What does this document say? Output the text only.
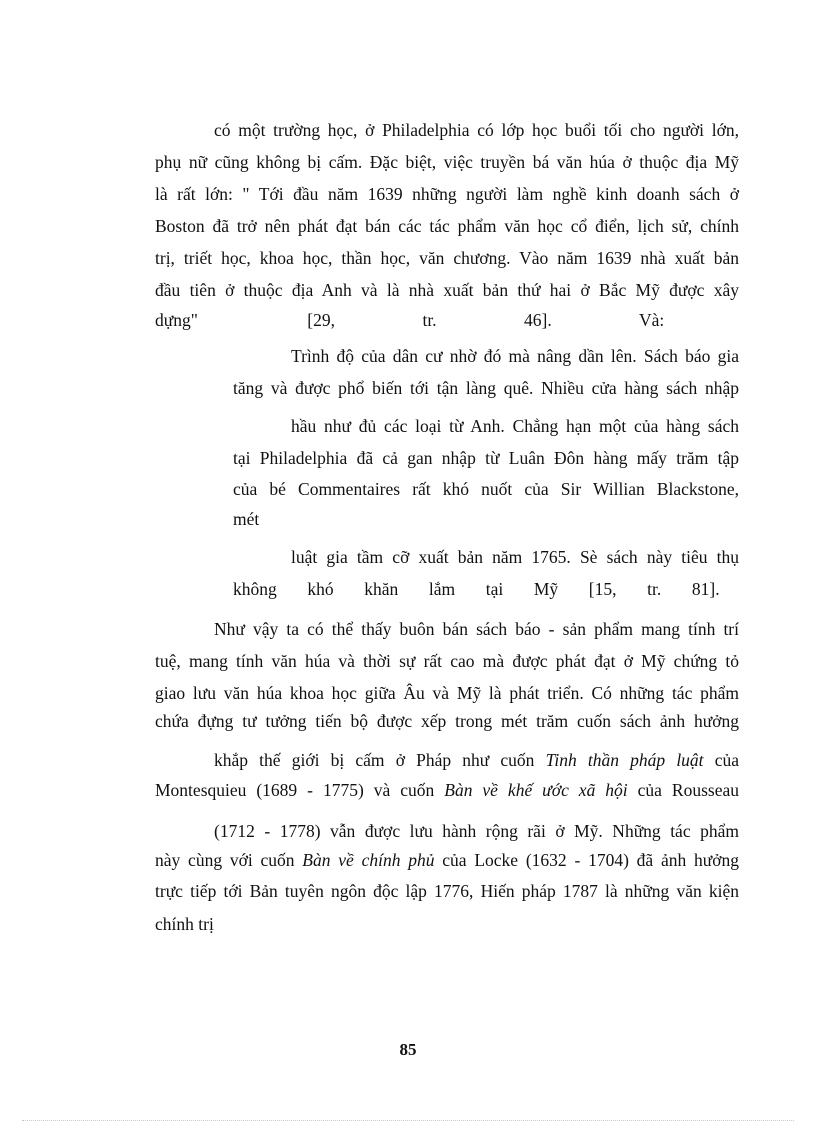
có một trường học, ở Philadelphia có lớp học buổi tối cho người lớn,

phụ nữ cũng không bị cấm. Đặc biệt, việc truyền bá văn húa ở thuộc địa Mỹ

là rất lớn: " Tới đầu năm 1639 những người làm nghề kinh doanh sách ở

Boston đã trở nên phát đạt bán các tác phẩm văn học cổ điển, lịch sử, chính

trị, triết học, khoa học, thần học, văn chương. Vào năm 1639 nhà xuất bản

đầu tiên ở thuộc địa Anh và là nhà xuất bản thứ hai ở Bắc Mỹ được xây

dựng"                         [29,                    tr.                    46].                    Và:

Trình độ của dân cư nhờ đó mà nâng dần lên. Sách báo gia

tăng và được phổ biến tới tận làng quê. Nhiều cửa hàng sách nhập

hầu như đủ các loại từ Anh. Chẳng hạn một của hàng sách

tại Philadelphia đã cả gan nhập từ Luân Đôn hàng mấy trăm tập

của bé Commentaires rất khó nuốt của Sir Willian Blackstone,

mét

luật gia tầm cỡ xuất bản năm 1765. Sè sách này tiêu thụ

không       khó       khăn       lắm       tại       Mỹ       [15,       tr.       81].

Như vậy ta có thể thấy buôn bán sách báo - sản phẩm mang tính trí

tuệ, mang tính văn húa và thời sự rất cao mà được phát đạt ở Mỹ chứng tỏ

giao lưu văn húa khoa học giữa Âu và Mỹ là phát triển. Có những tác phẩm

chứa đựng tư tưởng tiến bộ được xếp trong mét trăm cuốn sách ảnh hưởng

khắp thế giới bị cấm ở Pháp như cuốn Tinh thần pháp luật của

Montesquieu (1689 - 1775) và cuốn Bàn về khế ước xã hội của Rousseau

(1712 - 1778) vẫn được lưu hành rộng rãi ở Mỹ. Những tác phẩm

này cùng với cuốn Bàn về chính phủ của Locke (1632 - 1704) đã ảnh hưởng

trực tiếp tới Bản tuyên ngôn độc lập 1776, Hiến pháp 1787 là những văn kiện

chính trị

85
